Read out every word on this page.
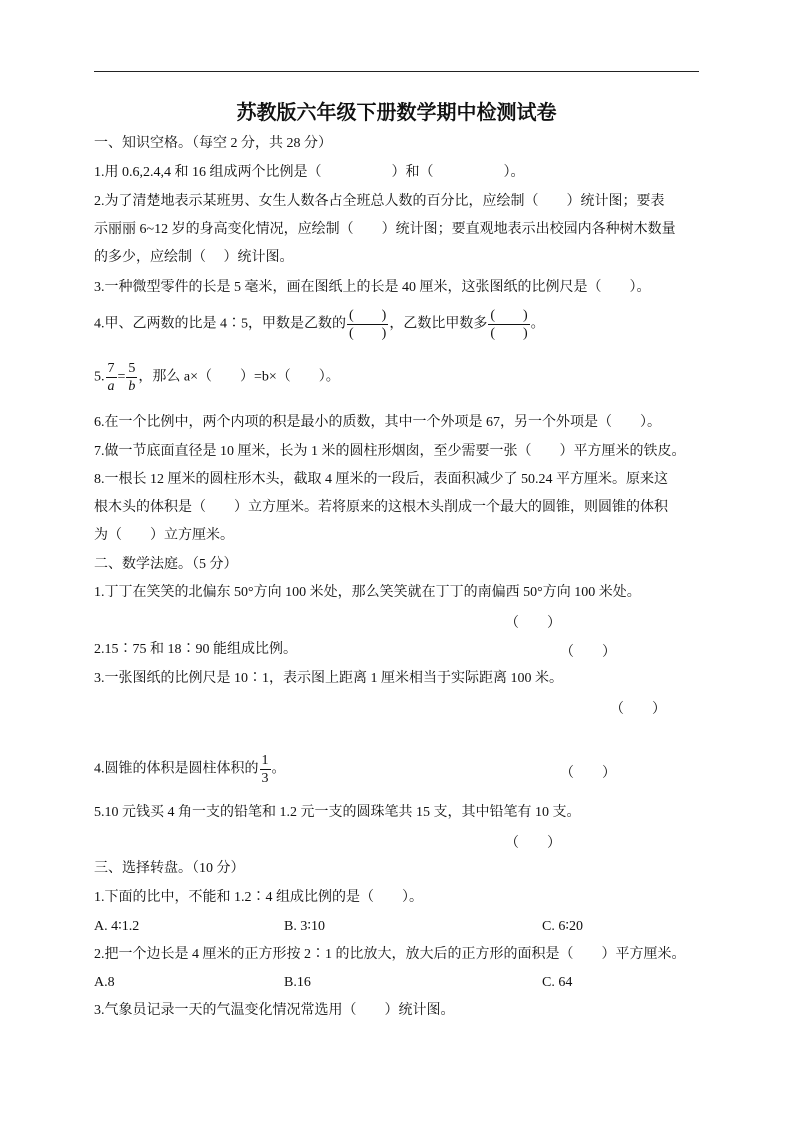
苏教版六年级下册数学期中检测试卷
一、知识空格。（每空 2 分，共 28 分）
1.用 0.6,2.4,4 和 16 组成两个比例是（　　　　　）和（　　　　　）。
2.为了清楚地表示某班男、女生人数各占全班总人数的百分比，应绘制（　　）统计图；要表
示丽丽 6~12 岁的身高变化情况，应绘制（　　）统计图；要直观地表示出校园内各种树木数量
的多少，应绘制（　 ）统计图。
3.一种微型零件的长是 5 毫米，画在图纸上的长是 40 厘米，这张图纸的比例尺是（　　）。
4.甲、乙两数的比是 4∶5，甲数是乙数的 $\frac{( )}{( )}$ ，乙数比甲数多 $\frac{( )}{( )}$ 。
5. $\frac{7}{a} = \frac{5}{b}$ ，那么 a×（　　）=b×（　　）。
6.在一个比例中，两个内项的积是最小的质数，其中一个外项是 67，另一个外项是（　　）。
7.做一节底面直径是 10 厘米，长为 1 米的圆柱形烟囱，至少需要一张（　　）平方厘米的铁皮。
8.一根长 12 厘米的圆柱形木头，截取 4 厘米的一段后，表面积减少了 50.24 平方厘米。原来这
根木头的体积是（　　）立方厘米。若将原来的这根木头削成一个最大的圆锥，则圆锥的体积
为（　　）立方厘米。
二、数学法庭。（5 分）
1.丁丁在笑笑的北偏东 50°方向 100 米处，那么笑笑就在丁丁的南偏西 50°方向 100 米处。
（　　）
2.15∶75 和 18∶90 能组成比例。	（　　）
3.一张图纸的比例尺是 10∶1，表示图上距离 1 厘米相当于实际距离 100 米。
（　　）
4.圆锥的体积是圆柱体积的 $\frac{1}{3}$ 。	（　　）
5.10 元钱买 4 角一支的铅笔和 1.2 元一支的圆珠笔共 15 支，其中铅笔有 10 支。
（　　）
三、选择转盘。（10 分）
1.下面的比中，不能和 1.2∶4 组成比例的是（　　）。
A. 4∶1.2	B. 3∶10	C. 6∶20
2.把一个边长是 4 厘米的正方形按 2∶1 的比放大，放大后的正方形的面积是（　　）平方厘米。
A.8	B.16	C. 64
3.气象员记录一天的气温变化情况常选用（　　）统计图。
